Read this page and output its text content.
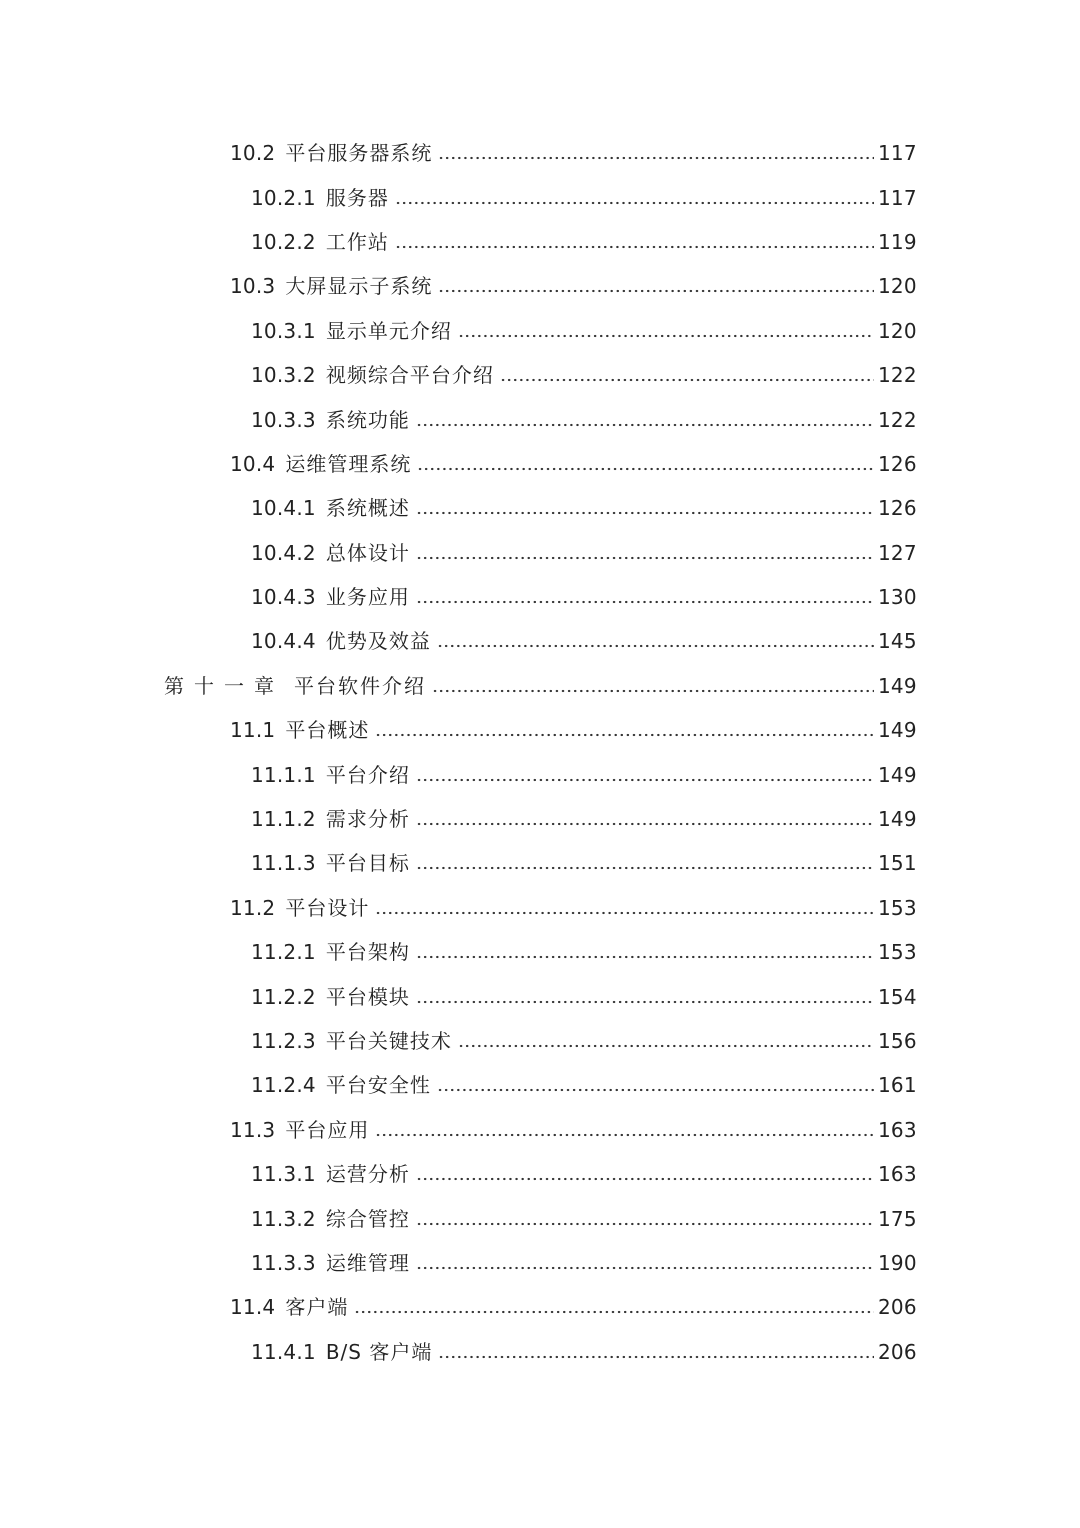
10.2 平台服务器系统	117
10.2.1 服务器	117
10.2.2 工作站	119
10.3 大屏显示子系统	120
10.3.1 显示单元介绍	120
10.3.2 视频综合平台介绍	122
10.3.3 系统功能	122
10.4 运维管理系统	126
10.4.1 系统概述	126
10.4.2 总体设计	127
10.4.3 业务应用	130
10.4.4 优势及效益	145
第十一章 平台软件介绍	149
11.1 平台概述	149
11.1.1 平台介绍	149
11.1.2 需求分析	149
11.1.3 平台目标	151
11.2 平台设计	153
11.2.1 平台架构	153
11.2.2 平台模块	154
11.2.3 平台关键技术	156
11.2.4 平台安全性	161
11.3 平台应用	163
11.3.1 运营分析	163
11.3.2 综合管控	175
11.3.3 运维管理	190
11.4 客户端	206
11.4.1 B/S 客户端	206
